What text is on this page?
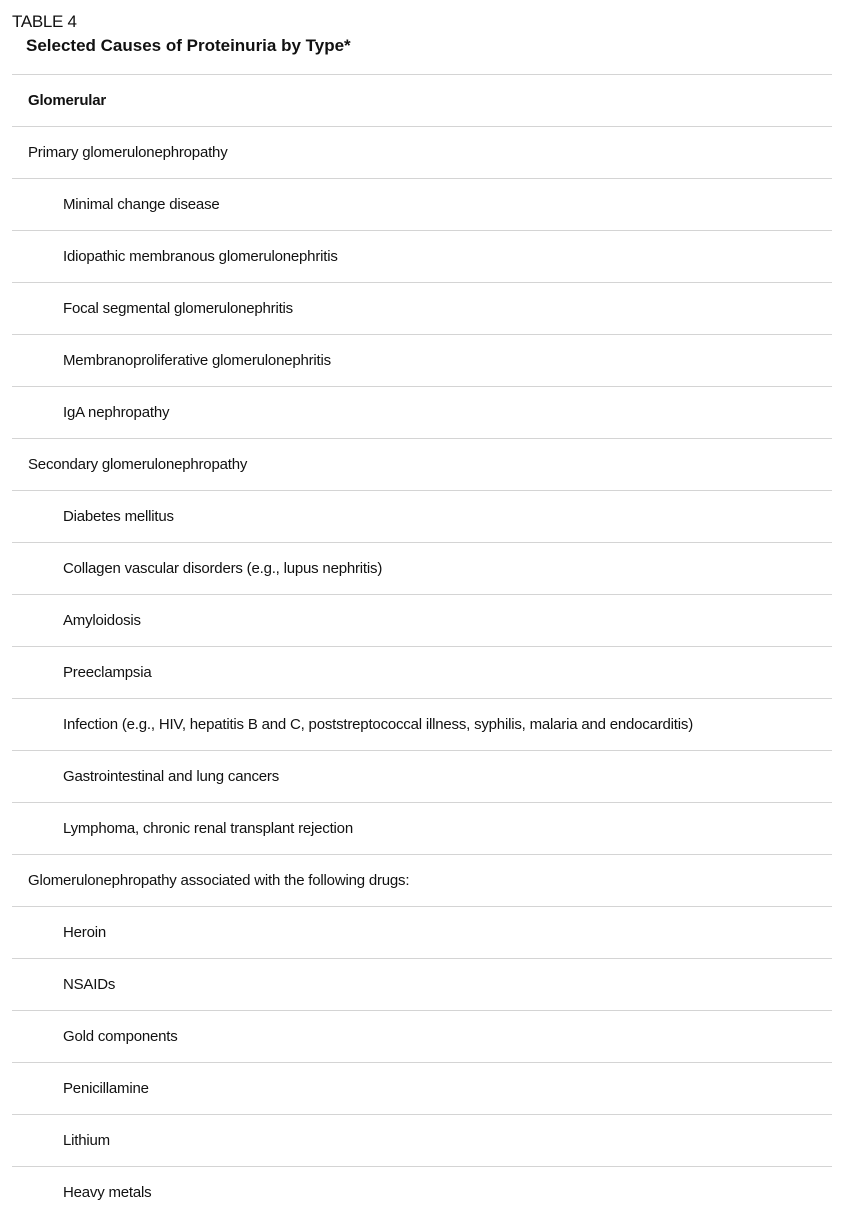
TABLE 4
Selected Causes of Proteinuria by Type*
Glomerular
Primary glomerulonephropathy
Minimal change disease
Idiopathic membranous glomerulonephritis
Focal segmental glomerulonephritis
Membranoproliferative glomerulonephritis
IgA nephropathy
Secondary glomerulonephropathy
Diabetes mellitus
Collagen vascular disorders (e.g., lupus nephritis)
Amyloidosis
Preeclampsia
Infection (e.g., HIV, hepatitis B and C, poststreptococcal illness, syphilis, malaria and endocarditis)
Gastrointestinal and lung cancers
Lymphoma, chronic renal transplant rejection
Glomerulonephropathy associated with the following drugs:
Heroin
NSAIDs
Gold components
Penicillamine
Lithium
Heavy metals
